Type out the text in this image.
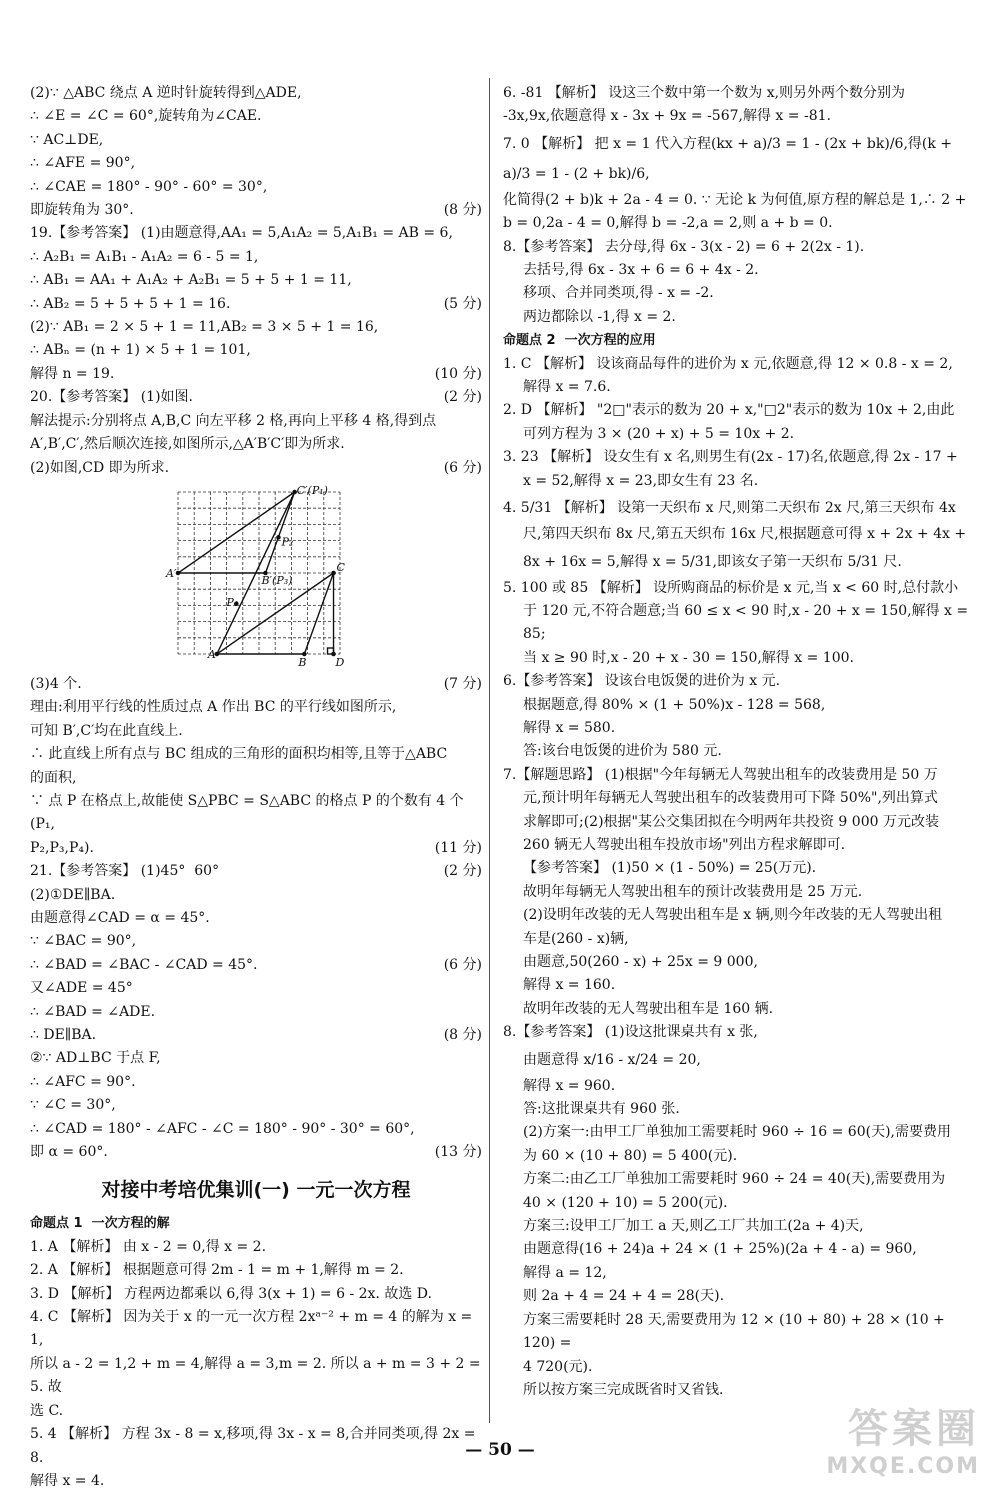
(2)∵ △ABC 绕点 A 逆时针旋转得到△ADE,
∴ ∠E = ∠C = 60°,旋转角为∠CAE.
∵ AC⊥DE,
∴ ∠AFE = 90°,
∴ ∠CAE = 180° - 90° - 60° = 30°,
即旋转角为 30°.	(8 分)
19.【参考答案】 (1)由题意得,AA₁ = 5,A₁A₂ = 5,A₁B₁ = AB = 6,
∴ A₂B₁ = A₁B₁ - A₁A₂ = 6 - 5 = 1,
∴ AB₁ = AA₁ + A₁A₂ + A₂B₁ = 5 + 5 + 1 = 11,
∴ AB₂ = 5 + 5 + 5 + 1 = 16.	(5 分)
(2)∵ AB₁ = 2 × 5 + 1 = 11,AB₂ = 3 × 5 + 1 = 16,
∴ ABₙ = (n + 1) × 5 + 1 = 101,
解得 n = 19.	(10 分)
20.【参考答案】 (1)如图.	(2 分)
解法提示:分别将点 A,B,C 向左平移 2 格,再向上平移 4 格,得到点
A′,B′,C′,然后顺次连接,如图所示,△A′B′C′即为所求.
(2)如图,CD 即为所求.	(6 分)
C′(P₁)
P₂
A′
B′(P₃)
C
P₄
A
B	D
(3)4 个.	(7 分)
理由:利用平行线的性质过点 A 作出 BC 的平行线如图所示,
可知 B′,C′均在此直线上.
∴ 此直线上所有点与 BC 组成的三角形的面积均相等,且等于△ABC
的面积,
∵ 点 P 在格点上,故能使 S△PBC = S△ABC 的格点 P 的个数有 4 个(P₁,
P₂,P₃,P₄).	(11 分)
21.【参考答案】 (1)45°  60°	(2 分)
(2)①DE∥BA.
由题意得∠CAD = α = 45°.
∵ ∠BAC = 90°,
∴ ∠BAD = ∠BAC - ∠CAD = 45°.	(6 分)
又∠ADE = 45°
∴ ∠BAD = ∠ADE.
∴ DE∥BA.	(8 分)
②∵ AD⊥BC 于点 F,
∴ ∠AFC = 90°.
∵ ∠C = 30°,
∴ ∠CAD = 180° - ∠AFC - ∠C = 180° - 90° - 30° = 60°,
即 α = 60°.	(13 分)
对接中考培优集训(一) 一元一次方程
命题点 1  一次方程的解
1. A 【解析】 由 x - 2 = 0,得 x = 2.
2. A 【解析】 根据题意可得 2m - 1 = m + 1,解得 m = 2.
3. D 【解析】 方程两边都乘以 6,得 3(x + 1) = 6 - 2x. 故选 D.
4. C 【解析】 因为关于 x 的一元一次方程 2xᵃ⁻² + m = 4 的解为 x = 1,
所以 a - 2 = 1,2 + m = 4,解得 a = 3,m = 2. 所以 a + m = 3 + 2 = 5. 故
选 C.
5. 4 【解析】 方程 3x - 8 = x,移项,得 3x - x = 8,合并同类项,得 2x = 8.
解得 x = 4.
6. -81 【解析】 设这三个数中第一个数为 x,则另外两个数分别为
-3x,9x,依题意得 x - 3x + 9x = -567,解得 x = -81.
7. 0 【解析】 把 x = 1 代入方程(kx + a)/3 = 1 - (2x + bk)/6,得(k + a)/3 = 1 - (2 + bk)/6,
化简得(2 + b)k + 2a - 4 = 0. ∵ 无论 k 为何值,原方程的解总是 1,∴ 2 +
b = 0,2a - 4 = 0,解得 b = -2,a = 2,则 a + b = 0.
8.【参考答案】 去分母,得 6x - 3(x - 2) = 6 + 2(2x - 1).
去括号,得 6x - 3x + 6 = 6 + 4x - 2.
移项、合并同类项,得 - x = -2.
两边都除以 -1,得 x = 2.
命题点 2  一次方程的应用
1. C 【解析】 设该商品每件的进价为 x 元,依题意,得 12 × 0.8 - x = 2,
解得 x = 7.6.
2. D 【解析】 "2□"表示的数为 20 + x,"□2"表示的数为 10x + 2,由此
可列方程为 3 × (20 + x) + 5 = 10x + 2.
3. 23 【解析】 设女生有 x 名,则男生有(2x - 17)名,依题意,得 2x - 17 +
x = 52,解得 x = 23,即女生有 23 名.
4. 5/31 【解析】 设第一天织布 x 尺,则第二天织布 2x 尺,第三天织布 4x
尺,第四天织布 8x 尺,第五天织布 16x 尺,根据题意可得 x + 2x + 4x +
8x + 16x = 5,解得 x = 5/31,即该女子第一天织布 5/31 尺.
5. 100 或 85 【解析】 设所购商品的标价是 x 元,当 x < 60 时,总付款小
于 120 元,不符合题意;当 60 ≤ x < 90 时,x - 20 + x = 150,解得 x = 85;
当 x ≥ 90 时,x - 20 + x - 30 = 150,解得 x = 100.
6.【参考答案】 设该台电饭煲的进价为 x 元.
根据题意,得 80% × (1 + 50%)x - 128 = 568,
解得 x = 580.
答:该台电饭煲的进价为 580 元.
7.【解题思路】 (1)根据"今年每辆无人驾驶出租车的改装费用是 50 万
元,预计明年每辆无人驾驶出租车的改装费用可下降 50%",列出算式
求解即可;(2)根据"某公交集团拟在今明两年共投资 9 000 万元改装
260 辆无人驾驶出租车投放市场"列出方程求解即可.
【参考答案】 (1)50 × (1 - 50%) = 25(万元).
故明年每辆无人驾驶出租车的预计改装费用是 25 万元.
(2)设明年改装的无人驾驶出租车是 x 辆,则今年改装的无人驾驶出租
车是(260 - x)辆,
由题意,50(260 - x) + 25x = 9 000,
解得 x = 160.
故明年改装的无人驾驶出租车是 160 辆.
8.【参考答案】 (1)设这批课桌共有 x 张,
由题意得 x/16 - x/24 = 20,
解得 x = 960.
答:这批课桌共有 960 张.
(2)方案一:由甲工厂单独加工需要耗时 960 ÷ 16 = 60(天),需要费用
为 60 × (10 + 80) = 5 400(元).
方案二:由乙工厂单独加工需要耗时 960 ÷ 24 = 40(天),需要费用为
40 × (120 + 10) = 5 200(元).
方案三:设甲工厂加工 a 天,则乙工厂共加工(2a + 4)天,
由题意得(16 + 24)a + 24 × (1 + 25%)(2a + 4 - a) = 960,
解得 a = 12,
则 2a + 4 = 24 + 4 = 28(天).
方案三需要耗时 28 天,需要费用为 12 × (10 + 80) + 28 × (10 + 120) =
4 720(元).
所以按方案三完成既省时又省钱.
— 50 —	答案圈
MXQE.COM
